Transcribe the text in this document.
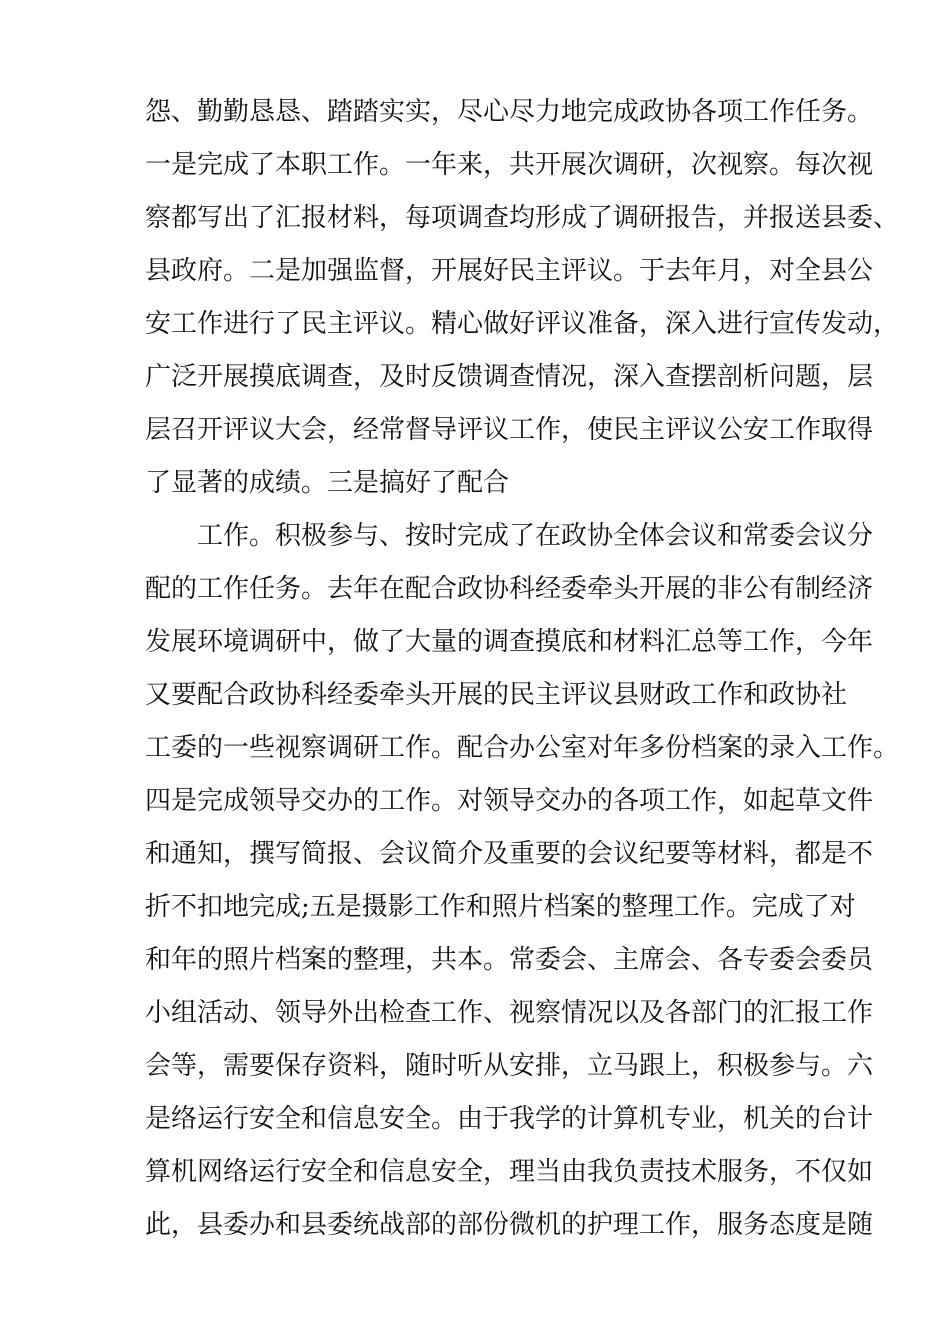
怨、勤勤恳恳、踏踏实实，尽心尽力地完成政协各项工作任务。
一是完成了本职工作。一年来，共开展次调研，次视察。每次视
察都写出了汇报材料，每项调查均形成了调研报告，并报送县委、
县政府。二是加强监督，开展好民主评议。于去年月，对全县公
安工作进行了民主评议。精心做好评议准备，深入进行宣传发动，
广泛开展摸底调查，及时反馈调查情况，深入查摆剖析问题，层
层召开评议大会，经常督导评议工作，使民主评议公安工作取得
了显著的成绩。三是搞好了配合
工作。积极参与、按时完成了在政协全体会议和常委会议分
配的工作任务。去年在配合政协科经委牵头开展的非公有制经济
发展环境调研中，做了大量的调查摸底和材料汇总等工作，今年
又要配合政协科经委牵头开展的民主评议县财政工作和政协社
工委的一些视察调研工作。配合办公室对年多份档案的录入工作。
四是完成领导交办的工作。对领导交办的各项工作，如起草文件
和通知，撰写简报、会议简介及重要的会议纪要等材料，都是不
折不扣地完成;五是摄影工作和照片档案的整理工作。完成了对
和年的照片档案的整理，共本。常委会、主席会、各专委会委员
小组活动、领导外出检查工作、视察情况以及各部门的汇报工作
会等，需要保存资料，随时听从安排，立马跟上，积极参与。六
是络运行安全和信息安全。由于我学的计算机专业，机关的台计
算机网络运行安全和信息安全，理当由我负责技术服务，不仅如
此，县委办和县委统战部的部份微机的护理工作，服务态度是随
